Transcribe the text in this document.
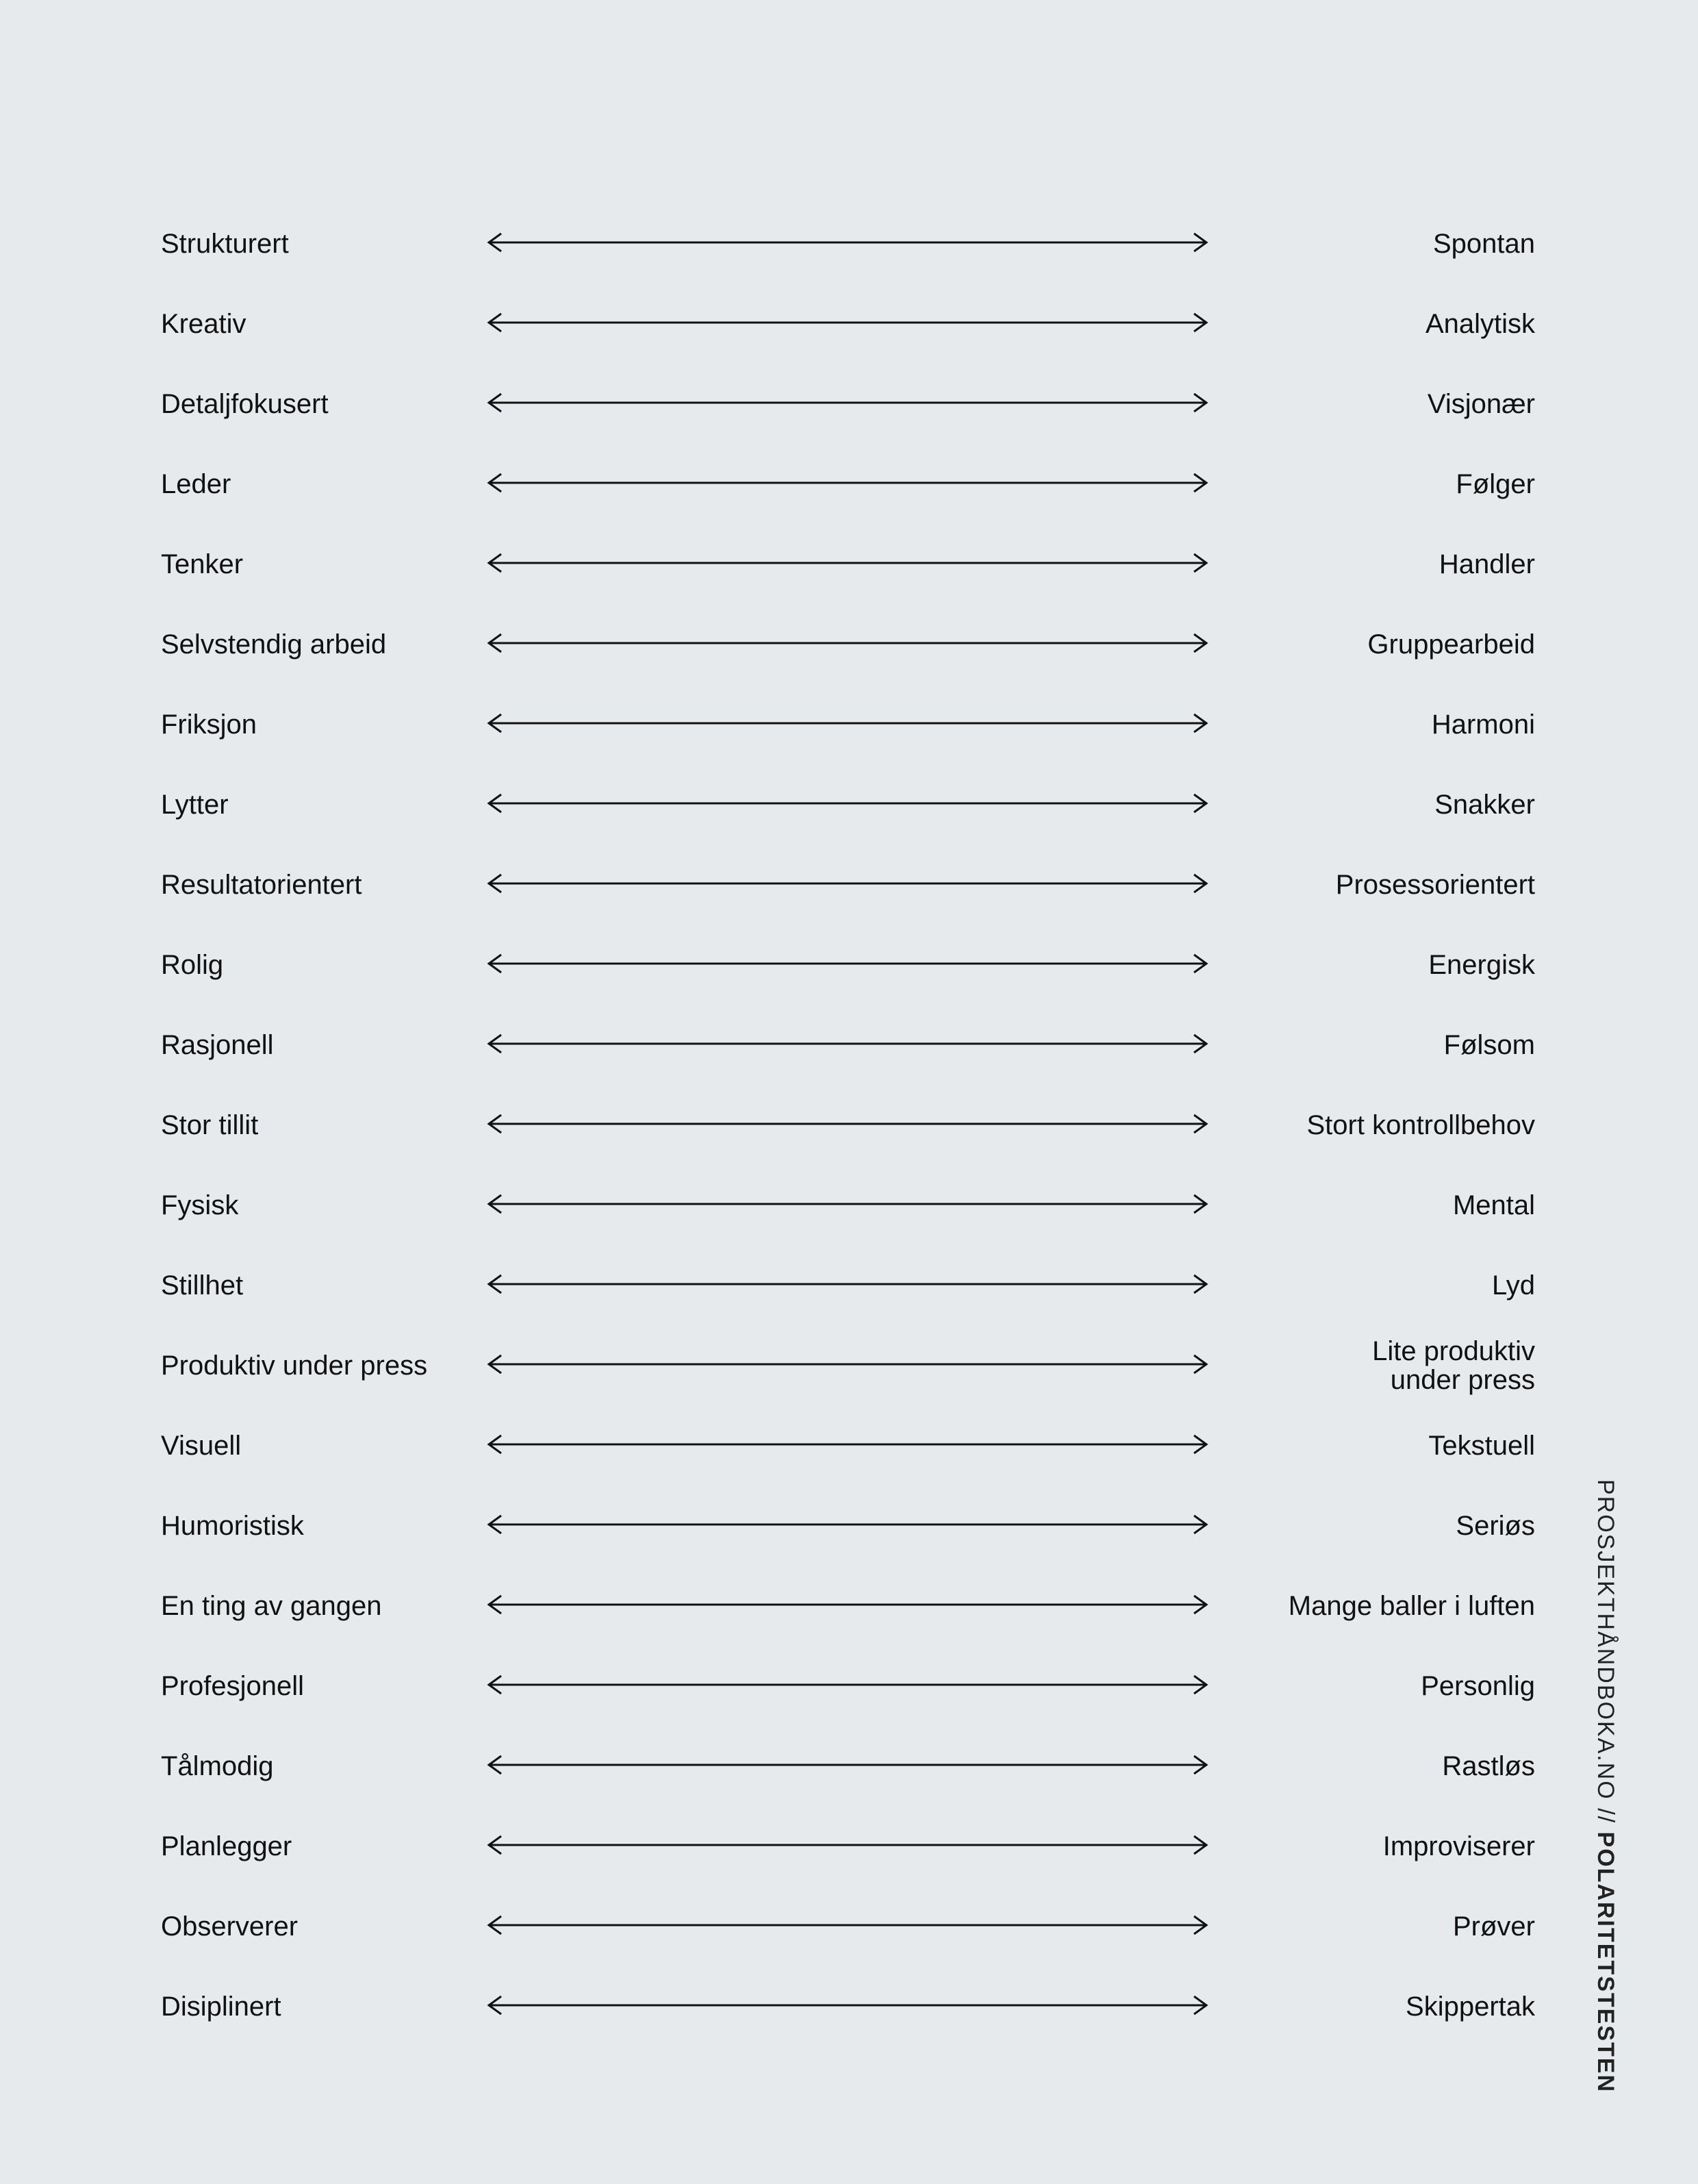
Strukturert	Spontan
Kreativ	Analytisk
Detaljfokusert	Visjonær
Leder	Følger
Tenker	Handler
Selvstendig arbeid	Gruppearbeid
Friksjon	Harmoni
Lytter	Snakker
Resultatorientert	Prosessorientert
Rolig	Energisk
Rasjonell	Følsom
Stor tillit	Stort kontrollbehov
Fysisk	Mental
Stillhet	Lyd
Produktiv under press	Lite produktiv under press
Visuell	Tekstuell
Humoristisk	Seriøs
En ting av gangen	Mange baller i luften
Profesjonell	Personlig
Tålmodig	Rastløs
Planlegger	Improviserer
Observerer	Prøver
Disiplinert	Skippertak
PROSJEKTHÅNDBOKA.NO // POLARITETSTESTEN
